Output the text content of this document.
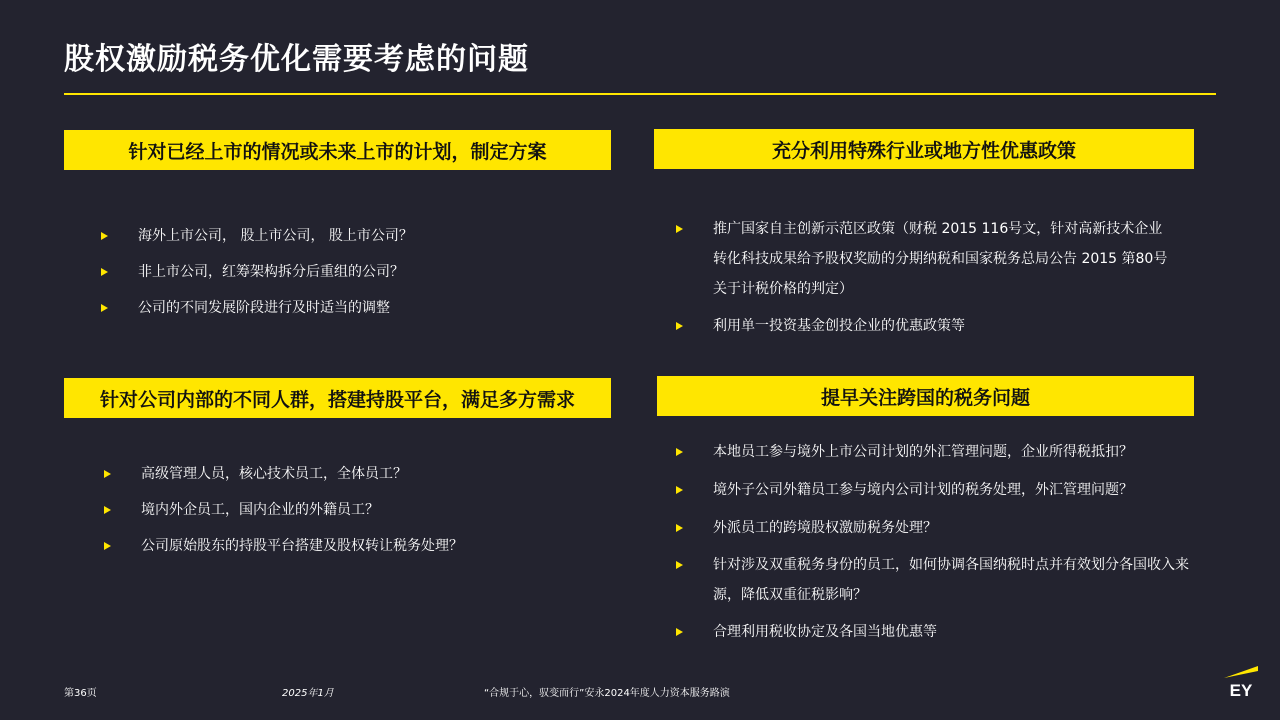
股权激励税务优化需要考虑的问题
针对已经上市的情况或未来上市的计划，制定方案
海外上市公司， 股上市公司， 股上市公司？
非上市公司，红筹架构拆分后重组的公司？
公司的不同发展阶段进行及时适当的调整
充分利用特殊行业或地方性优惠政策
推广国家自主创新示范区政策（财税 2015 116号文，针对高新技术企业转化科技成果给予股权奖励的分期纳税和国家税务总局公告 2015 第80号关于计税价格的判定）
利用单一投资基金创投企业的优惠政策等
针对公司内部的不同人群，搭建持股平台，满足多方需求
高级管理人员，核心技术员工，全体员工？
境内外企员工，国内企业的外籍员工？
公司原始股东的持股平台搭建及股权转让税务处理？
提早关注跨国的税务问题
本地员工参与境外上市公司计划的外汇管理问题，企业所得税抵扣？
境外子公司外籍员工参与境内公司计划的税务处理，外汇管理问题？
外派员工的跨境股权激励税务处理？
针对涉及双重税务身份的员工，如何协调各国纳税时点并有效划分各国收入来源，降低双重征税影响？
合理利用税收协定及各国当地优惠等
第36页	2025年1月	“合规于心，驭变而行”安永2024年度人力资本服务路演	EY
